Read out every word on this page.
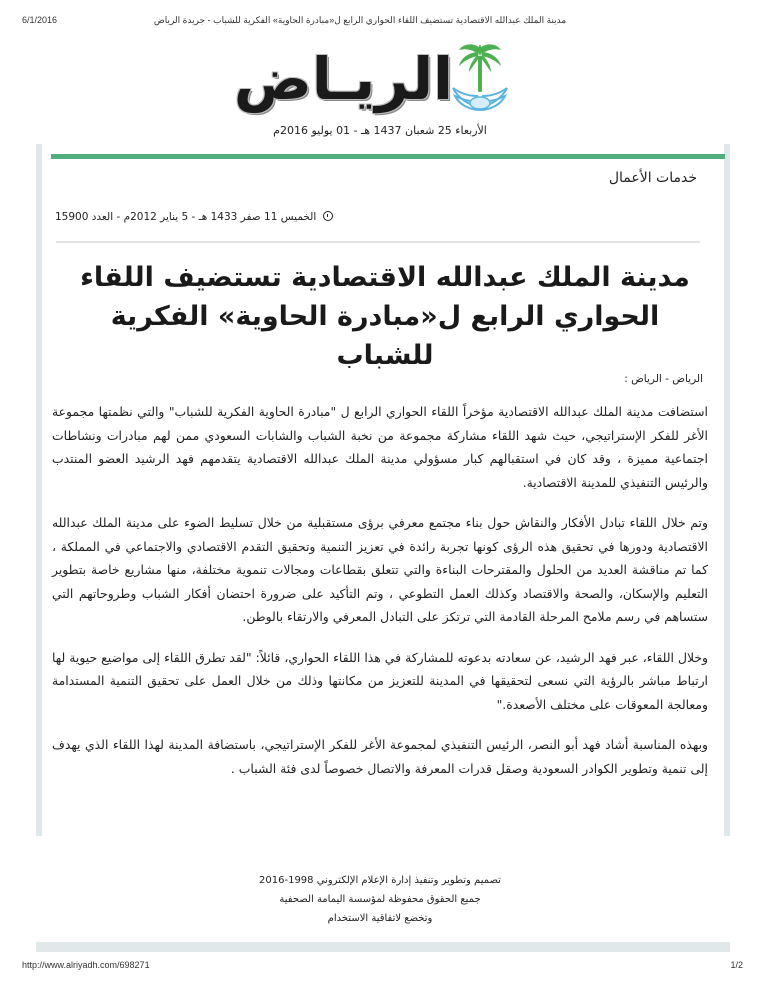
6/1/2016	مدينة الملك عبدالله الاقتصادية تستضيف اللقاء الحواري الرابع ل«مبادرة الحاوية» الفكرية للشباب - جريدة الرياض
الريـاض
الأربعاء 25 شعبان 1437 هـ - 01 يوليو 2016م
خدمات الأعمال
الخميس 11 صفر 1433 هـ - 5 يناير 2012م - العدد 15900
مدينة الملك عبدالله الاقتصادية تستضيف اللقاء الحواري الرابع ل«مبادرة الحاوية» الفكرية للشباب
الرياض - الرياض :

استضافت مدينة الملك عبدالله الاقتصادية مؤخراً اللقاء الحواري الرابع ل "مبادرة الحاوية الفكرية للشباب" والتي نظمتها مجموعة الأغر للفكر الإستراتيجي، حيث شهد اللقاء مشاركة مجموعة من نخبة الشباب والشابات السعودي ممن لهم مبادرات ونشاطات اجتماعية مميزة ، وقد كان في استقبالهم كبار مسؤولي مدينة الملك عبدالله الاقتصادية يتقدمهم فهد الرشيد العضو المنتدب والرئيس التنفيذي للمدينة الاقتصادية.

وتم خلال اللقاء تبادل الأفكار والنقاش حول بناء مجتمع معرفي برؤى مستقبلية من خلال تسليط الضوء على مدينة الملك عبدالله الاقتصادية ودورها في تحقيق هذه الرؤى كونها تجربة رائدة في تعزيز التنمية وتحقيق التقدم الاقتصادي والاجتماعي في المملكة ، كما تم مناقشة العديد من الحلول والمقترحات البناءة والتي تتعلق بقطاعات ومجالات تنموية مختلفة، منها مشاريع خاصة بتطوير التعليم والإسكان، والصحة والاقتصاد وكذلك العمل التطوعي ، وتم التأكيد على ضرورة احتضان أفكار الشباب وطروحاتهم التي ستساهم في رسم ملامح المرحلة القادمة التي ترتكز على التبادل المعرفي والارتقاء بالوطن.

وخلال اللقاء، عبر فهد الرشيد، عن سعادته بدعوته للمشاركة في هذا اللقاء الحواري، قائلاً: "لقد تطرق اللقاء إلى مواضيع حيوية لها ارتباط مباشر بالرؤية التي نسعى لتحقيقها في المدينة للتعزيز من مكانتها وذلك من خلال العمل على تحقيق التنمية المستدامة ومعالجة المعوقات على مختلف الأصعدة."

وبهذه المناسبة أشاد فهد أبو النصر، الرئيس التنفيذي لمجموعة الأغر للفكر الإستراتيجي، باستضافة المدينة لهذا اللقاء الذي يهدف إلى تنمية وتطوير الكوادر السعودية وصقل قدرات المعرفة والاتصال خصوصاً لدى فئة الشباب .

تصميم وتطوير وتنفيذ إدارة الإعلام الإلكتروني 1998-2016
جميع الحقوق محفوظة لمؤسسة اليمامة الصحفية
وتخضع لاتفاقية الاستخدام
http://www.alriyadh.com/698271	1/2
